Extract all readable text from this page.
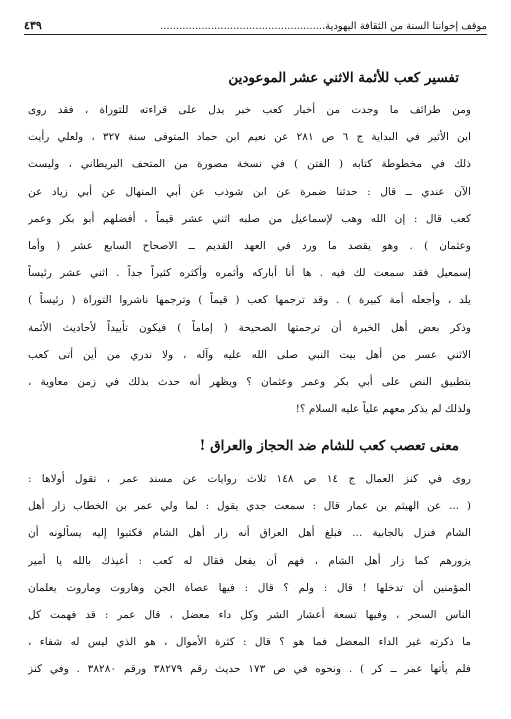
موقف إخواننا السنة من الثقافة اليهودية....................................................
٤٣٩
تفسير كعب للأئمة الاثني عشر الموعودين
ومن طرائف ما وجدت من أخبار كعب خبر يدل على قراءته للتوراة ، فقد روى
ابن الأثير في البداية ج ٦ ص ٢٨١ عن نعيم ابن حماد المتوفى سنة ٣٢٧ ، ولعلي رأيت
ذلك في مخطوطة كتابه ( الفتن ) في نسخة مصورة من المتحف البريطاني ، وليست
الآن عندي ــ قال : حدثنا ضمرة عن ابن شوذب عن أبي المنهال عن أبي زياد عن
كعب قال : إن الله وهب لإسماعيل من صلبه اثني عشر قيماً ، أفضلهم أبو بكر وعمر
وعثمان ) . وهو يقصد ما ورد في العهد القديم ــ الاصحاح السابع عشر ( وأما
إسمعيل فقد سمعت لك فيه . ها أنا أباركه وأثمره وأكثره كثيراً جداً . اثني عشر رئيساً
يلد ، وأجعله أمة كبيرة ) . وقد ترجمها كعب ( قيماً ) وترجمها ناشروا التوراة ( رئيساً )
وذكر بعض أهل الخبرة أن ترجمتها الصحيحة ( إماماً ) فيكون تأييداً لأحاديث الأئمة
الاثني عسر من أهل بيت النبي صلى الله عليه وآله ، ولا ندري من أين أتى كعب
بتطبيق النص على أبي بكر وعمر وعثمان ؟ ويظهر أنه حدث بذلك في زمن معاوية ،
ولذلك لم يذكر معهم علياً عليه السلام ؟!
معنى تعصب كعب للشام ضد الحجاز والعراق !
روى في كنز العمال ج ١٤ ص ١٤٨ ثلاث روايات عن مسند عمر ، تقول أولاها :
( ... عن الهيثم بن عمار قال : سمعت جدي يقول : لما ولي عمر بن الخطاب زار أهل
الشام فنزل بالجابية ... فبلغ أهل العراق أنه زار أهل الشام فكتبوا إليه يسألونه أن
يزورهم كما زار أهل الشام ، فهم أن يفعل فقال له كعب : أعيذك بالله يا أمير
المؤمنين أن تدخلها ! قال : ولم ؟ قال : فيها عصاة الجن وهاروت وماروت يعلمان
الناس السحر ، وفيها تسعة أعشار الشر وكل داء معضل ، قال عمر : قد فهمت كل
ما ذكرته غير الداء المعضل فما هو ؟ قال : كثرة الأموال ، هو الذي ليس له شفاء ،
فلم يأتها عمر ــ كر ) . ونحوه في ص ١٧٣ حديث رقم ٣٨٢٧٩ ورقم ٣٨٢٨٠ . وفي كنز
